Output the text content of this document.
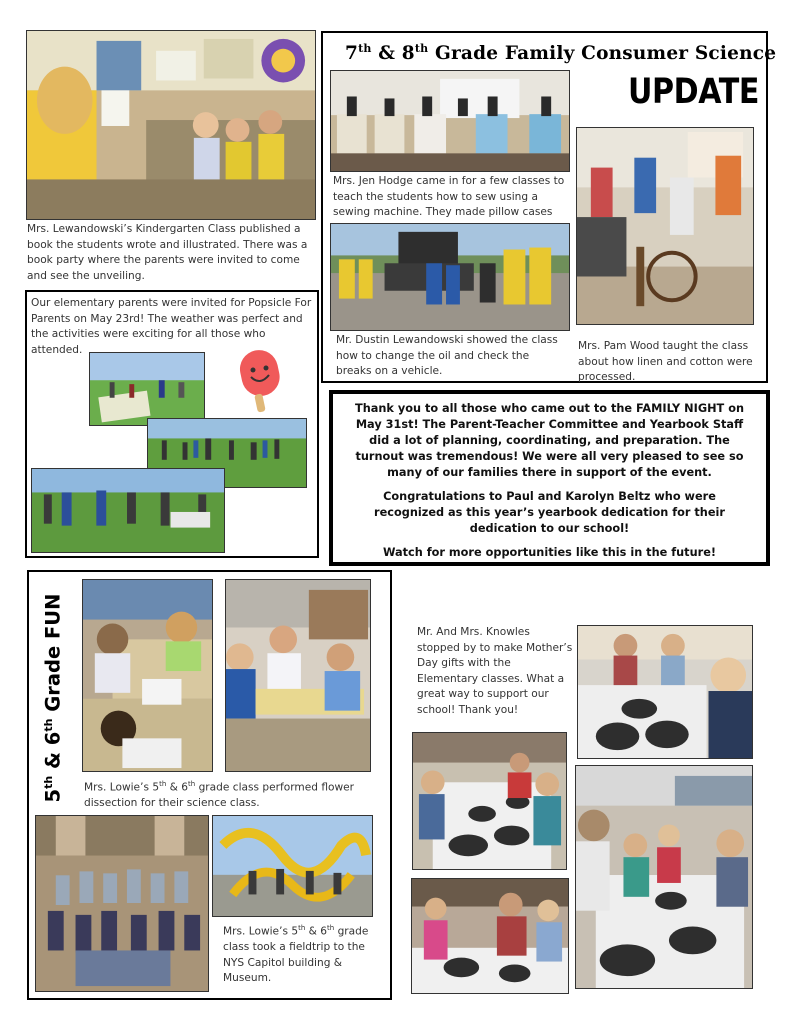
Mrs. Lewandowski’s Kindergarten Class published a book the students wrote and illustrated. There was a book party where the parents were invited to come and see the unveiling.
Our elementary parents were invited for Popsicle For Parents on May 23rd! The weather was perfect and the activities were exciting for all those who attended.
7th & 8th Grade Family Consumer Science
UPDATE
Mrs. Jen Hodge came in for a few classes to teach the students how to sew using a sewing machine. They made pillow cases
Mr. Dustin Lewandowski showed the class how to change the oil and check the breaks on a vehicle.
Mrs. Pam Wood taught the class about how linen and cotton were processed.

Thank you to all those who came out to the FAMILY NIGHT on May 31st! The Parent-Teacher Committee and Yearbook Staff did a lot of planning, coordinating, and preparation. The turnout was tremendous! We were all very pleased to see so many of our families there in support of the event.

Congratulations to Paul and Karolyn Beltz who were recognized as this year’s yearbook dedication for their dedication to our school!

Watch for more opportunities like this in the future!

5th & 6th Grade FUN
Mrs. Lowie’s 5th & 6th grade class performed flower dissection for their science class.
Mrs. Lowie’s 5th & 6th grade class took a fieldtrip to the NYS Capitol building & Museum.
Mr. And Mrs. Knowles stopped by to make Mother’s Day gifts with the Elementary classes. What a great way to support our school! Thank you!
